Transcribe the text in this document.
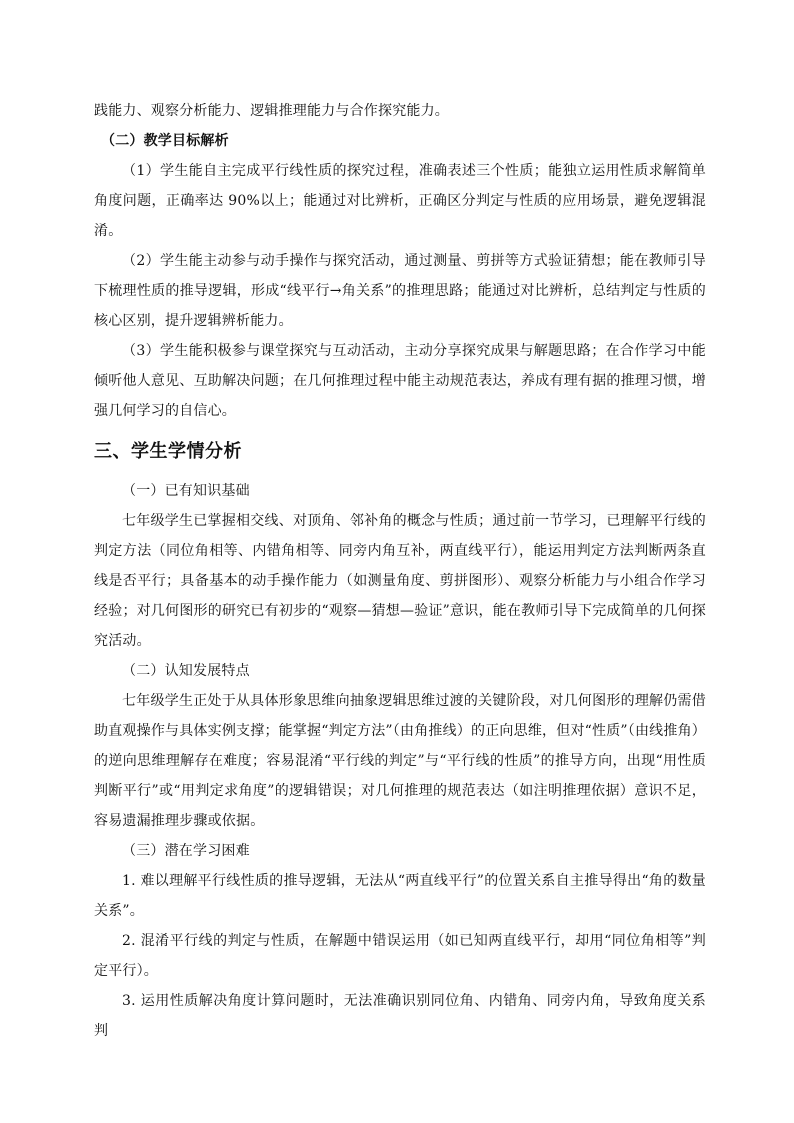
践能力、观察分析能力、逻辑推理能力与合作探究能力。

（二）教学目标解析

（1）学生能自主完成平行线性质的探究过程，准确表述三个性质；能独立运用性质求解简单角度问题，正确率达 90%以上；能通过对比辨析，正确区分判定与性质的应用场景，避免逻辑混淆。

（2）学生能主动参与动手操作与探究活动，通过测量、剪拼等方式验证猜想；能在教师引导下梳理性质的推导逻辑，形成“线平行→角关系”的推理思路；能通过对比辨析，总结判定与性质的核心区别，提升逻辑辨析能力。

（3）学生能积极参与课堂探究与互动活动，主动分享探究成果与解题思路；在合作学习中能倾听他人意见、互助解决问题；在几何推理过程中能主动规范表达，养成有理有据的推理习惯，增强几何学习的自信心。

三、学生学情分析

（一）已有知识基础

七年级学生已掌握相交线、对顶角、邻补角的概念与性质；通过前一节学习，已理解平行线的判定方法（同位角相等、内错角相等、同旁内角互补，两直线平行），能运用判定方法判断两条直线是否平行；具备基本的动手操作能力（如测量角度、剪拼图形）、观察分析能力与小组合作学习经验；对几何图形的研究已有初步的“观察—猜想—验证”意识，能在教师引导下完成简单的几何探究活动。

（二）认知发展特点

七年级学生正处于从具体形象思维向抽象逻辑思维过渡的关键阶段，对几何图形的理解仍需借助直观操作与具体实例支撑；能掌握“判定方法”（由角推线）的正向思维，但对“性质”（由线推角）的逆向思维理解存在难度；容易混淆“平行线的判定”与“平行线的性质”的推导方向，出现“用性质判断平行”或“用判定求角度”的逻辑错误；对几何推理的规范表达（如注明推理依据）意识不足，容易遗漏推理步骤或依据。

（三）潜在学习困难

1. 难以理解平行线性质的推导逻辑，无法从“两直线平行”的位置关系自主推导得出“角的数量关系”。

2. 混淆平行线的判定与性质，在解题中错误运用（如已知两直线平行，却用“同位角相等”判定平行）。

3. 运用性质解决角度计算问题时，无法准确识别同位角、内错角、同旁内角，导致角度关系判
